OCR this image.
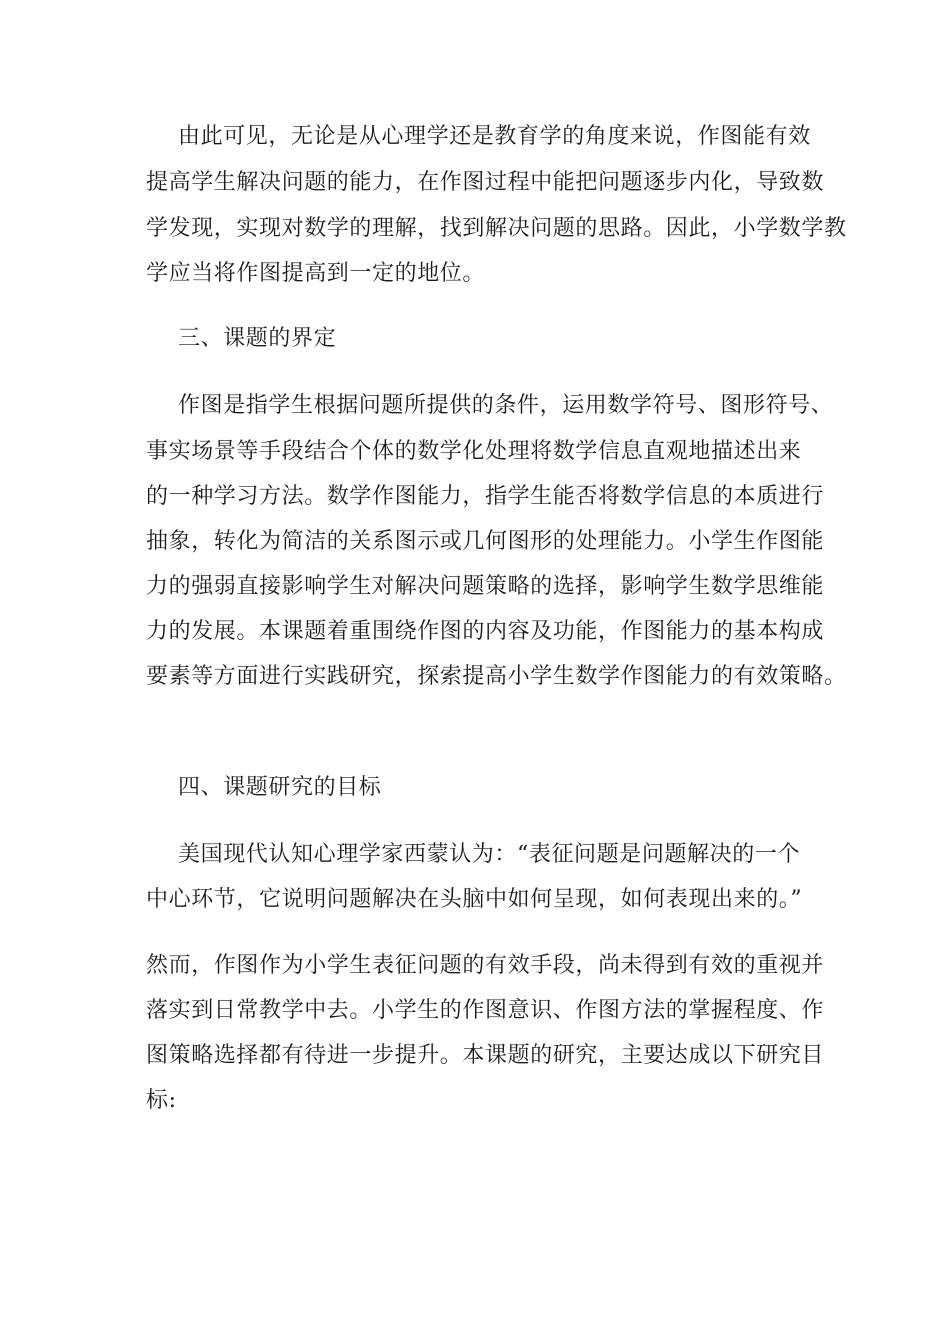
由此可见，无论是从心理学还是教育学的角度来说，作图能有效
提高学生解决问题的能力，在作图过程中能把问题逐步内化，导致数
学发现，实现对数学的理解，找到解决问题的思路。因此，小学数学教
学应当将作图提高到一定的地位。
三、课题的界定
作图是指学生根据问题所提供的条件，运用数学符号、图形符号、
事实场景等手段结合个体的数学化处理将数学信息直观地描述出来
的一种学习方法。数学作图能力，指学生能否将数学信息的本质进行
抽象，转化为简洁的关系图示或几何图形的处理能力。小学生作图能
力的强弱直接影响学生对解决问题策略的选择，影响学生数学思维能
力的发展。本课题着重围绕作图的内容及功能，作图能力的基本构成
要素等方面进行实践研究，探索提高小学生数学作图能力的有效策略。
四、课题研究的目标
美国现代认知心理学家西蒙认为：“表征问题是问题解决的一个
中心环节，它说明问题解决在头脑中如何呈现，如何表现出来的。”
然而，作图作为小学生表征问题的有效手段，尚未得到有效的重视并
落实到日常教学中去。小学生的作图意识、作图方法的掌握程度、作
图策略选择都有待进一步提升。本课题的研究，主要达成以下研究目
标:
